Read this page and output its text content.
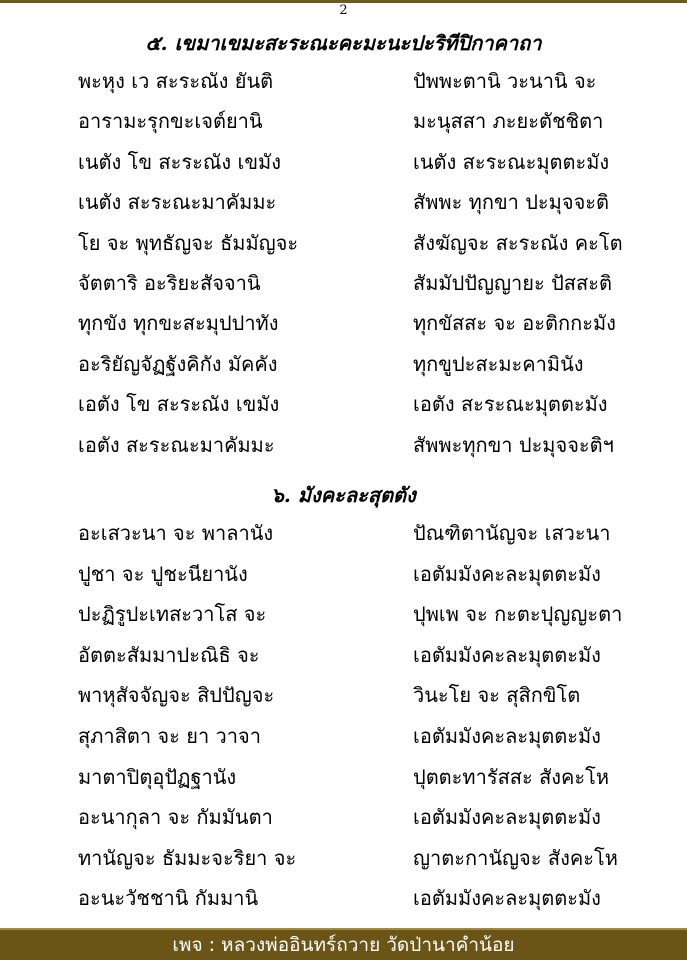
2
๕. เขมาเขมะสะระณะคะมะนะปะริทีปิกาคาถา
พะหุง เว สะระณัง ยันติ	ปัพพะตานิ วะนานิ จะ
อารามะรุกขะเจต์ยานิ	มะนุสสา ภะยะตัชชิตา
เนตัง โข สะระณัง เขมัง	เนตัง สะระณะมุตตะมัง
เนตัง สะระณะมาคัมมะ	สัพพะ ทุกขา ปะมุจจะติ
โย จะ พุทธัญจะ ธัมมัญจะ	สังฆัญจะ สะระณัง คะโต
จัตตาริ อะริยะสัจจานิ	สัมมัปปัญญายะ ปัสสะติ
ทุกขัง ทุกขะสะมุปปาทัง	ทุกขัสสะ จะ อะติกกะมัง
อะริยัญจัฏฐังคิกัง มัคคัง	ทุกขูปะสะมะคามินัง
เอตัง โข สะระณัง เขมัง	เอตัง สะระณะมุตตะมัง
เอตัง สะระณะมาคัมมะ	สัพพะทุกขา ปะมุจจะติฯ
๖. มังคะละสุตตัง
อะเสวะนา จะ พาลานัง	ปัณฑิตานัญจะ เสวะนา
ปูชา จะ ปูชะนียานัง	เอตัมมังคะละมุตตะมัง
ปะฏิรูปะเทสะวาโส จะ	ปุพเพ จะ กะตะปุญญะตา
อัตตะสัมมาปะณิธิ จะ	เอตัมมังคะละมุตตะมัง
พาหุสัจจัญจะ สิปปัญจะ	วินะโย จะ สุสิกขิโต
สุภาสิตา จะ ยา วาจา	เอตัมมังคะละมุตตะมัง
มาตาปิตุอุปัฏฐานัง	ปุตตะทารัสสะ สังคะโห
อะนากุลา จะ กัมมันตา	เอตัมมังคะละมุตตะมัง
ทานัญจะ ธัมมะจะริยา จะ	ญาตะกานัญจะ สังคะโห
อะนะวัชชานิ กัมมานิ	เอตัมมังคะละมุตตะมัง
เพจ : หลวงพ่ออินทร์ถวาย วัดป่านาคำน้อย
